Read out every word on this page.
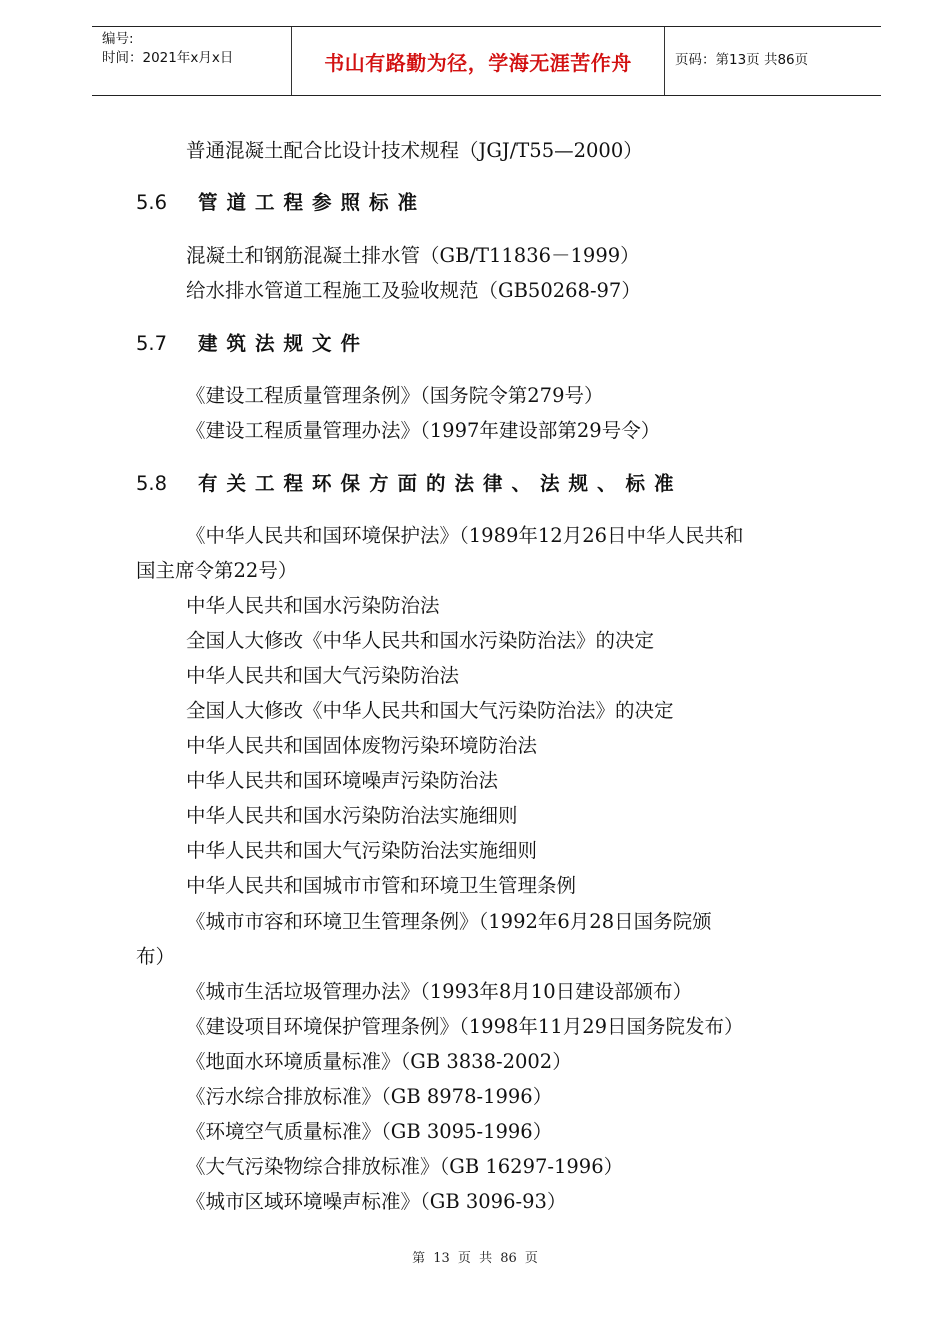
编号:
时间：2021年x月x日	书山有路勤为径，学海无涯苦作舟	页码：第13页 共86页
普通混凝土配合比设计技术规程（JGJ/T55—2000）
5.6 管道工程参照标准
混凝土和钢筋混凝土排水管（GB/T11836－1999）
给水排水管道工程施工及验收规范（GB50268-97）
5.7 建筑法规文件
《建设工程质量管理条例》（国务院令第279号）
《建设工程质量管理办法》（1997年建设部第29号令）
5.8 有关工程环保方面的法律、法规、标准
《中华人民共和国环境保护法》（1989年12月26日中华人民共和
国主席令第22号）
中华人民共和国水污染防治法
全国人大修改《中华人民共和国水污染防治法》的决定
中华人民共和国大气污染防治法
全国人大修改《中华人民共和国大气污染防治法》的决定
中华人民共和国固体废物污染环境防治法
中华人民共和国环境噪声污染防治法
中华人民共和国水污染防治法实施细则
中华人民共和国大气污染防治法实施细则
中华人民共和国城市市管和环境卫生管理条例
《城市市容和环境卫生管理条例》（1992年6月28日国务院颁
布）
《城市生活垃圾管理办法》（1993年8月10日建设部颁布）
《建设项目环境保护管理条例》（1998年11月29日国务院发布）
《地面水环境质量标准》（GB 3838-2002）
《污水综合排放标准》（GB 8978-1996）
《环境空气质量标准》（GB 3095-1996）
《大气污染物综合排放标准》（GB 16297-1996）
《城市区域环境噪声标准》（GB 3096-93）
第 13 页 共 86 页
